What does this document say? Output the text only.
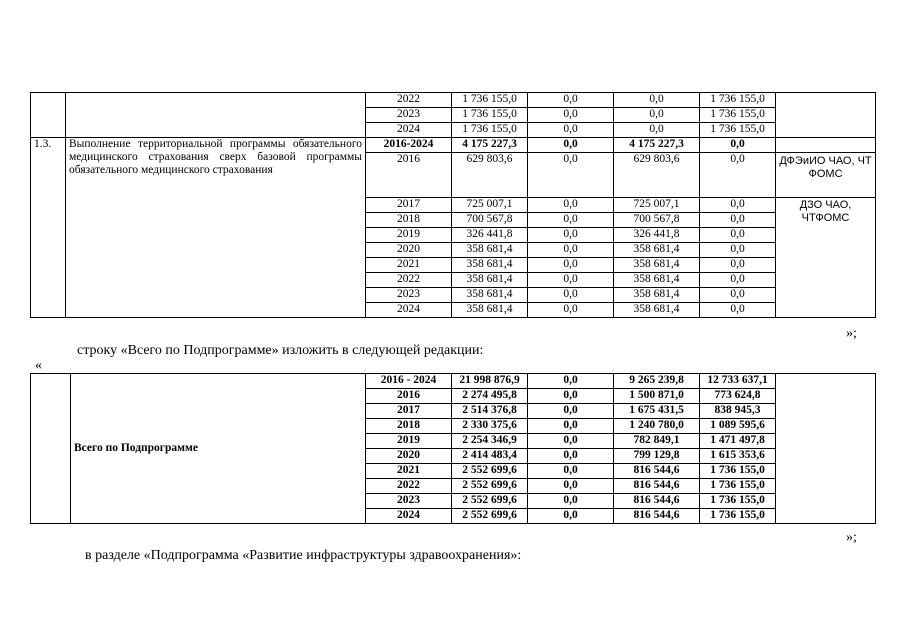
		2022	1 736 155,0	0,0	0,0	1 736 155,0	
		2023	1 736 155,0	0,0	0,0	1 736 155,0	
		2024	1 736 155,0	0,0	0,0	1 736 155,0	
1.3.	Выполнение территориальной программы обязательного медицинского страхования сверх базовой программы обязательного медицинского страхования	2016-2024	4 175 227,3	0,0	4 175 227,3	0,0	
		2016	629 803,6	0,0	629 803,6	0,0	ДФЭиИО ЧАО, ЧТ ФОМС
		2017	725 007,1	0,0	725 007,1	0,0	ДЗО ЧАО, ЧТФОМС
		2018	700 567,8	0,0	700 567,8	0,0	
		2019	326 441,8	0,0	326 441,8	0,0	
		2020	358 681,4	0,0	358 681,4	0,0	
		2021	358 681,4	0,0	358 681,4	0,0	
		2022	358 681,4	0,0	358 681,4	0,0	
		2023	358 681,4	0,0	358 681,4	0,0	
		2024	358 681,4	0,0	358 681,4	0,0	
»;
строку «Всего по Подпрограмме» изложить в следующей редакции:
«
	Всего по Подпрограмме	2016 - 2024	21 998 876,9	0,0	9 265 239,8	12 733 637,1	
		2016	2 274 495,8	0,0	1 500 871,0	773 624,8	
		2017	2 514 376,8	0,0	1 675 431,5	838 945,3	
		2018	2 330 375,6	0,0	1 240 780,0	1 089 595,6	
		2019	2 254 346,9	0,0	782 849,1	1 471 497,8	
		2020	2 414 483,4	0,0	799 129,8	1 615 353,6	
		2021	2 552 699,6	0,0	816 544,6	1 736 155,0	
		2022	2 552 699,6	0,0	816 544,6	1 736 155,0	
		2023	2 552 699,6	0,0	816 544,6	1 736 155,0	
		2024	2 552 699,6	0,0	816 544,6	1 736 155,0	
»;
в разделе «Подпрограмма «Развитие инфраструктуры здравоохранения»:
